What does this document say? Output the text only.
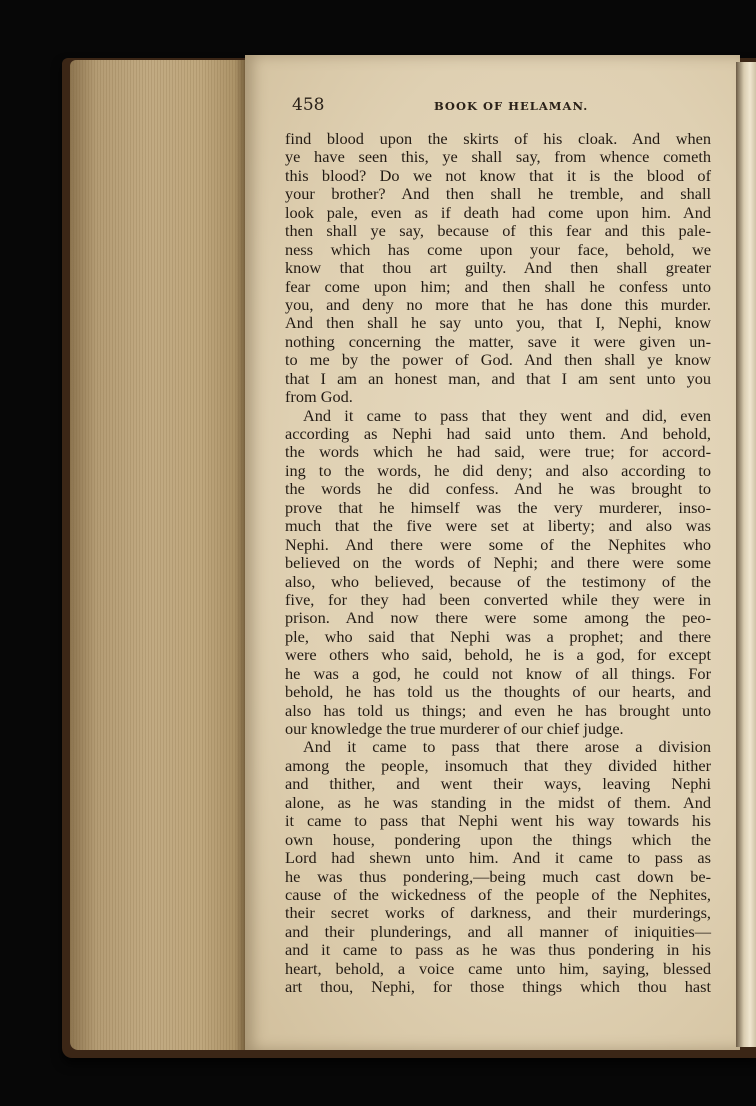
458	BOOK OF HELAMAN.
find blood upon the skirts of his cloak. And when
ye have seen this, ye shall say, from whence cometh
this blood? Do we not know that it is the blood of
your brother? And then shall he tremble, and shall
look pale, even as if death had come upon him. And
then shall ye say, because of this fear and this pale-
ness which has come upon your face, behold, we
know that thou art guilty. And then shall greater
fear come upon him; and then shall he confess unto
you, and deny no more that he has done this murder.
And then shall he say unto you, that I, Nephi, know
nothing concerning the matter, save it were given un-
to me by the power of God. And then shall ye know
that I am an honest man, and that I am sent unto you
from God.
And it came to pass that they went and did, even
according as Nephi had said unto them. And behold,
the words which he had said, were true; for accord-
ing to the words, he did deny; and also according to
the words he did confess. And he was brought to
prove that he himself was the very murderer, inso-
much that the five were set at liberty; and also was
Nephi. And there were some of the Nephites who
believed on the words of Nephi; and there were some
also, who believed, because of the testimony of the
five, for they had been converted while they were in
prison. And now there were some among the peo-
ple, who said that Nephi was a prophet; and there
were others who said, behold, he is a god, for except
he was a god, he could not know of all things. For
behold, he has told us the thoughts of our hearts, and
also has told us things; and even he has brought unto
our knowledge the true murderer of our chief judge.
And it came to pass that there arose a division
among the people, insomuch that they divided hither
and thither, and went their ways, leaving Nephi
alone, as he was standing in the midst of them. And
it came to pass that Nephi went his way towards his
own house, pondering upon the things which the
Lord had shewn unto him. And it came to pass as
he was thus pondering,—being much cast down be-
cause of the wickedness of the people of the Nephites,
their secret works of darkness, and their murderings,
and their plunderings, and all manner of iniquities—
and it came to pass as he was thus pondering in his
heart, behold, a voice came unto him, saying, blessed
art thou, Nephi, for those things which thou hast
